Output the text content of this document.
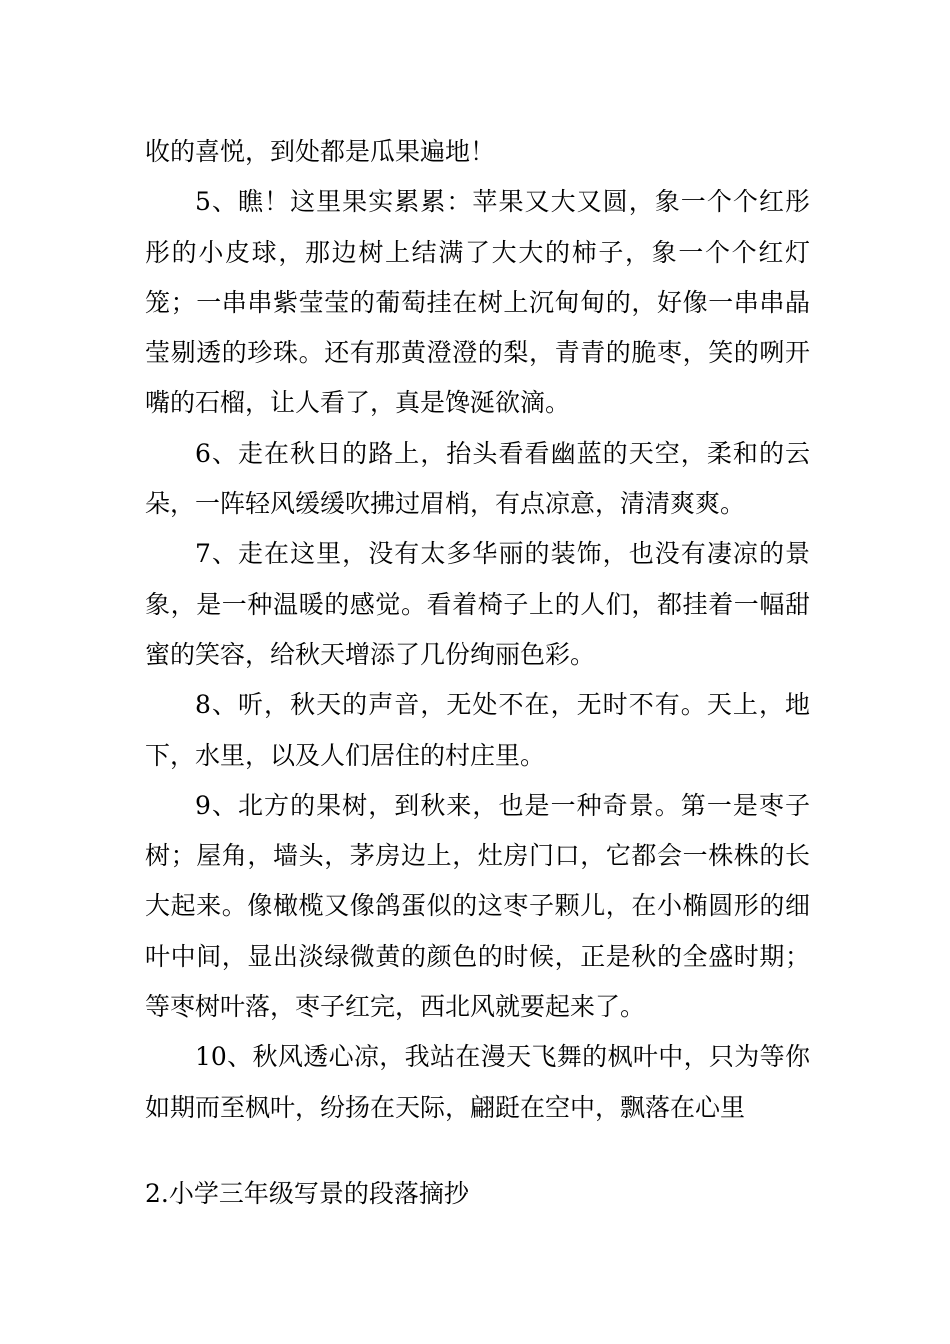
收的喜悦，到处都是瓜果遍地！

5、瞧！这里果实累累：苹果又大又圆，象一个个红彤彤的小皮球，那边树上结满了大大的柿子，象一个个红灯笼；一串串紫莹莹的葡萄挂在树上沉甸甸的，好像一串串晶莹剔透的珍珠。还有那黄澄澄的梨，青青的脆枣，笑的咧开嘴的石榴，让人看了，真是馋涎欲滴。

6、走在秋日的路上，抬头看看幽蓝的天空，柔和的云朵，一阵轻风缓缓吹拂过眉梢，有点凉意，清清爽爽。

7、走在这里，没有太多华丽的装饰，也没有凄凉的景象，是一种温暖的感觉。看着椅子上的人们，都挂着一幅甜蜜的笑容，给秋天增添了几份绚丽色彩。

8、听，秋天的声音，无处不在，无时不有。天上，地下，水里，以及人们居住的村庄里。

9、北方的果树，到秋来，也是一种奇景。第一是枣子树；屋角，墙头，茅房边上，灶房门口，它都会一株株的长大起来。像橄榄又像鸽蛋似的这枣子颗儿，在小椭圆形的细叶中间，显出淡绿微黄的颜色的时候，正是秋的全盛时期；等枣树叶落，枣子红完，西北风就要起来了。

10、秋风透心凉，我站在漫天飞舞的枫叶中，只为等你如期而至枫叶，纷扬在天际，翩跹在空中，飘落在心里

2.小学三年级写景的段落摘抄
